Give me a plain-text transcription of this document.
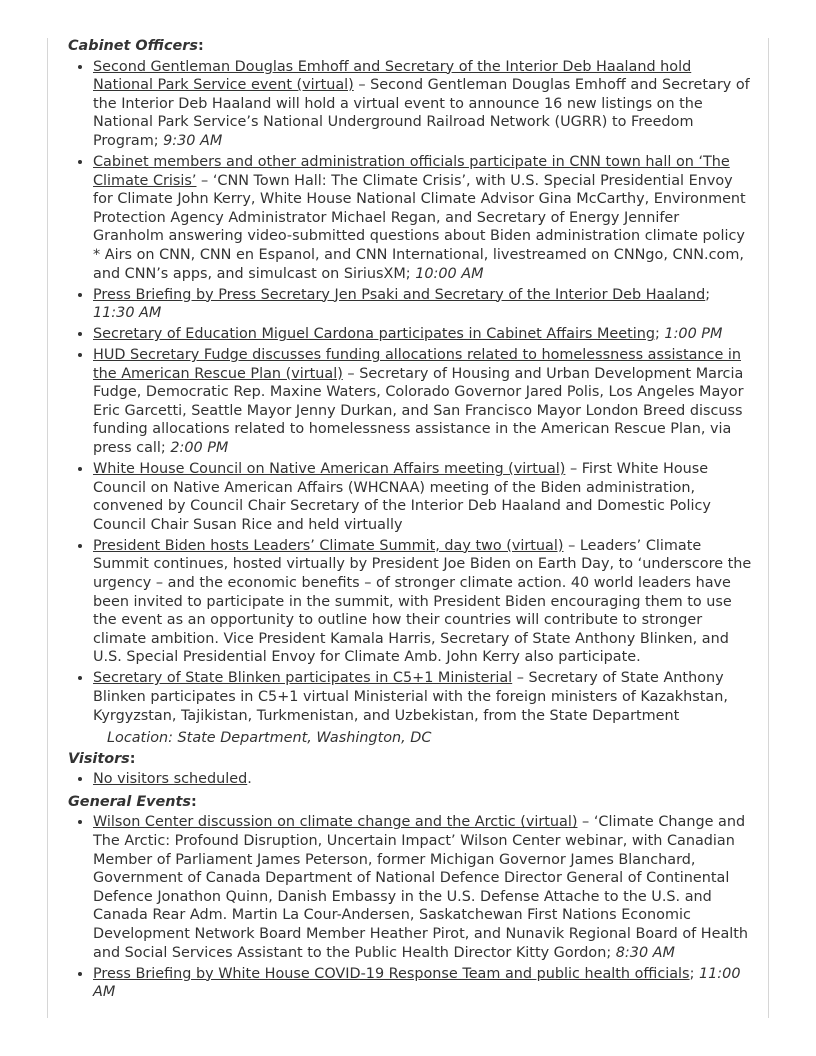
Cabinet Officers:

• Second Gentleman Douglas Emhoff and Secretary of the Interior Deb Haaland hold National Park Service event (virtual) – Second Gentleman Douglas Emhoff and Secretary of the Interior Deb Haaland will hold a virtual event to announce 16 new listings on the National Park Service’s National Underground Railroad Network (UGRR) to Freedom Program; 9:30 AM
• Cabinet members and other administration officials participate in CNN town hall on ‘The Climate Crisis’ – ‘CNN Town Hall: The Climate Crisis’, with U.S. Special Presidential Envoy for Climate John Kerry, White House National Climate Advisor Gina McCarthy, Environment Protection Agency Administrator Michael Regan, and Secretary of Energy Jennifer Granholm answering video-submitted questions about Biden administration climate policy * Airs on CNN, CNN en Espanol, and CNN International, livestreamed on CNNgo, CNN.com, and CNN’s apps, and simulcast on SiriusXM; 10:00 AM
• Press Briefing by Press Secretary Jen Psaki and Secretary of the Interior Deb Haaland; 11:30 AM
• Secretary of Education Miguel Cardona participates in Cabinet Affairs Meeting; 1:00 PM
• HUD Secretary Fudge discusses funding allocations related to homelessness assistance in the American Rescue Plan (virtual) – Secretary of Housing and Urban Development Marcia Fudge, Democratic Rep. Maxine Waters, Colorado Governor Jared Polis, Los Angeles Mayor Eric Garcetti, Seattle Mayor Jenny Durkan, and San Francisco Mayor London Breed discuss funding allocations related to homelessness assistance in the American Rescue Plan, via press call; 2:00 PM
• White House Council on Native American Affairs meeting (virtual) – First White House Council on Native American Affairs (WHCNAA) meeting of the Biden administration, convened by Council Chair Secretary of the Interior Deb Haaland and Domestic Policy Council Chair Susan Rice and held virtually
• President Biden hosts Leaders’ Climate Summit, day two (virtual) – Leaders’ Climate Summit continues, hosted virtually by President Joe Biden on Earth Day, to ‘underscore the urgency – and the economic benefits – of stronger climate action. 40 world leaders have been invited to participate in the summit, with President Biden encouraging them to use the event as an opportunity to outline how their countries will contribute to stronger climate ambition. Vice President Kamala Harris, Secretary of State Anthony Blinken, and U.S. Special Presidential Envoy for Climate Amb. John Kerry also participate.
• Secretary of State Blinken participates in C5+1 Ministerial – Secretary of State Anthony Blinken participates in C5+1 virtual Ministerial with the foreign ministers of Kazakhstan, Kyrgyzstan, Tajikistan, Turkmenistan, and Uzbekistan, from the State Department

Location: State Department, Washington, DC

Visitors:

• No visitors scheduled.

General Events:

• Wilson Center discussion on climate change and the Arctic (virtual) – ‘Climate Change and The Arctic: Profound Disruption, Uncertain Impact’ Wilson Center webinar, with Canadian Member of Parliament James Peterson, former Michigan Governor James Blanchard, Government of Canada Department of National Defence Director General of Continental Defence Jonathon Quinn, Danish Embassy in the U.S. Defense Attache to the U.S. and Canada Rear Adm. Martin La Cour-Andersen, Saskatchewan First Nations Economic Development Network Board Member Heather Pirot, and Nunavik Regional Board of Health and Social Services Assistant to the Public Health Director Kitty Gordon; 8:30 AM
• Press Briefing by White House COVID-19 Response Team and public health officials; 11:00 AM
